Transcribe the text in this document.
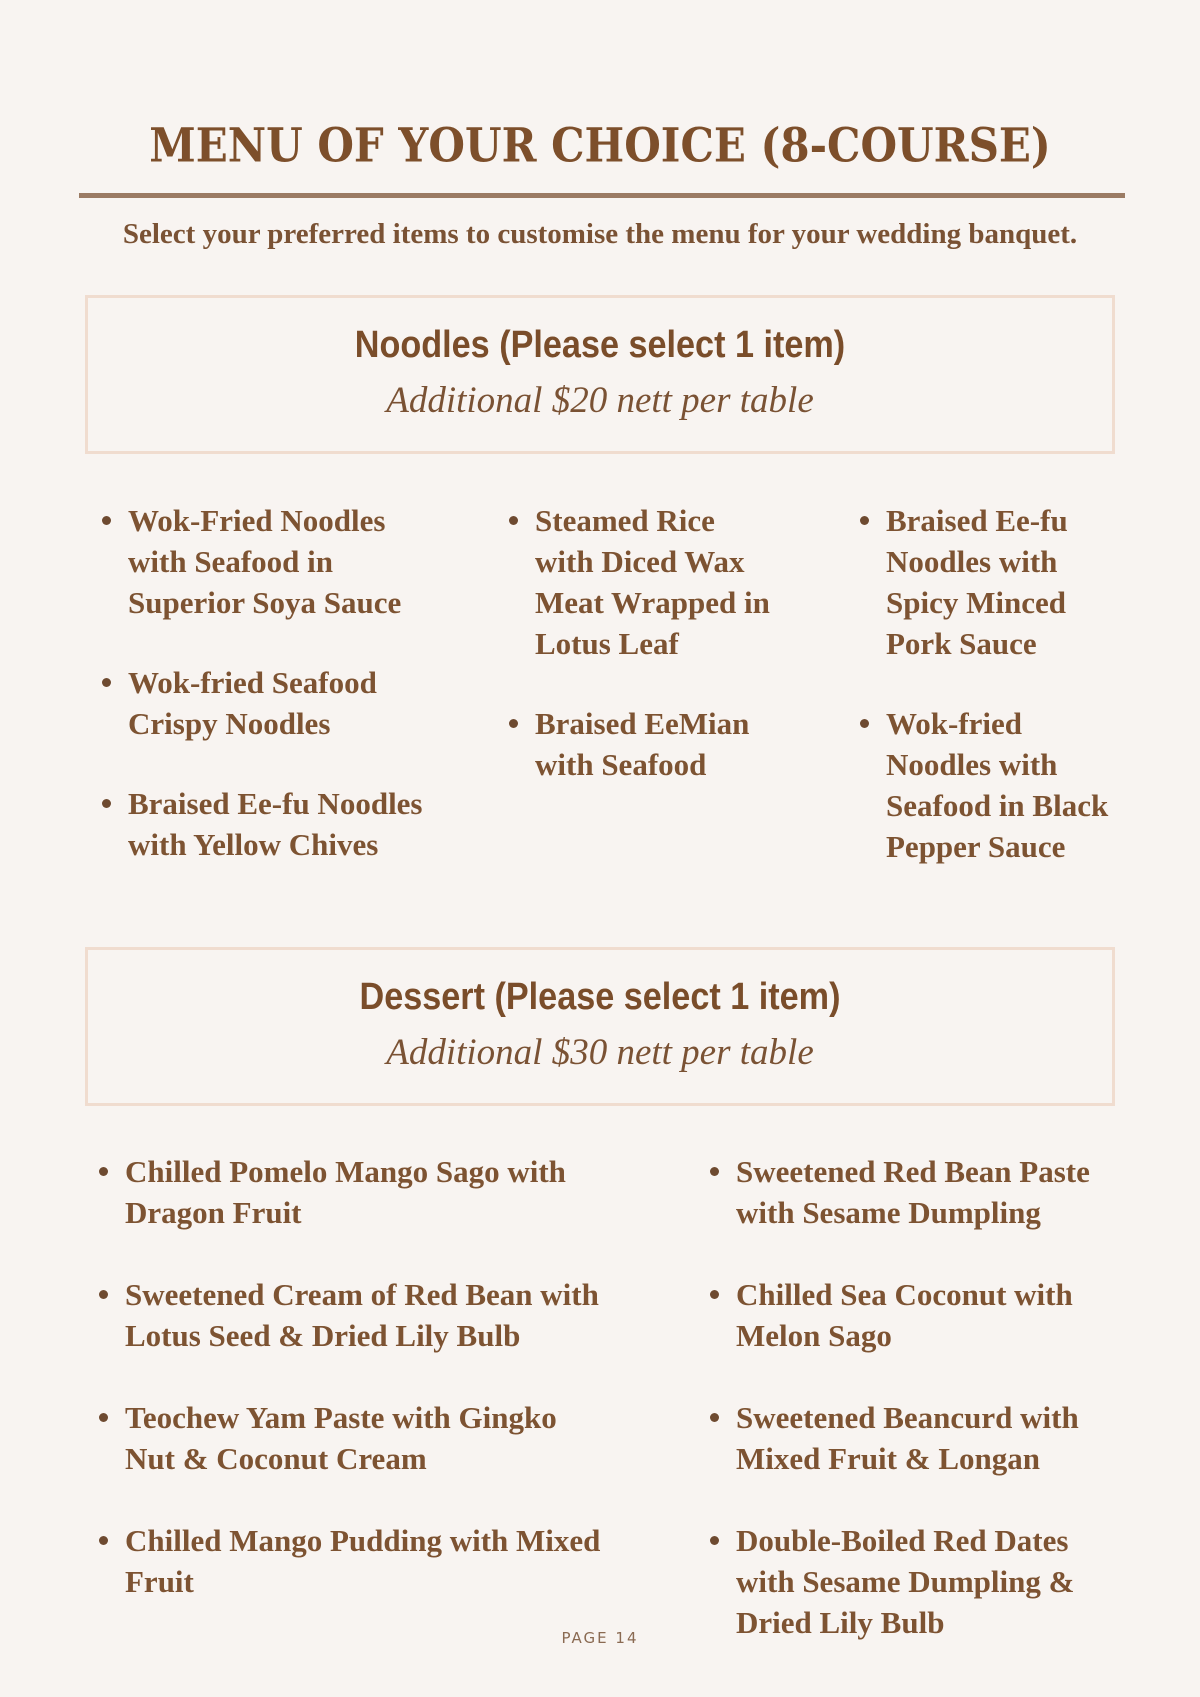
MENU OF YOUR CHOICE (8-COURSE)
Select your preferred items to customise the menu for your wedding banquet.
Noodles (Please select 1 item)
Additional $20 nett per table
Wok-Fried Noodles with Seafood in Superior Soya Sauce
Wok-fried Seafood Crispy Noodles
Braised Ee-fu Noodles with Yellow Chives
Steamed Rice with Diced Wax Meat Wrapped in Lotus Leaf
Braised EeMian with Seafood
Braised Ee-fu Noodles with Spicy Minced Pork Sauce
Wok-fried Noodles with Seafood in Black Pepper Sauce
Dessert (Please select 1 item)
Additional $30 nett per table
Chilled Pomelo Mango Sago with Dragon Fruit
Sweetened Cream of Red Bean with Lotus Seed & Dried Lily Bulb
Teochew Yam Paste with Gingko Nut & Coconut Cream
Chilled Mango Pudding with Mixed Fruit
Sweetened Red Bean Paste with Sesame Dumpling
Chilled Sea Coconut with Melon Sago
Sweetened Beancurd with Mixed Fruit & Longan
Double-Boiled Red Dates with Sesame Dumpling & Dried Lily Bulb
PAGE 14
